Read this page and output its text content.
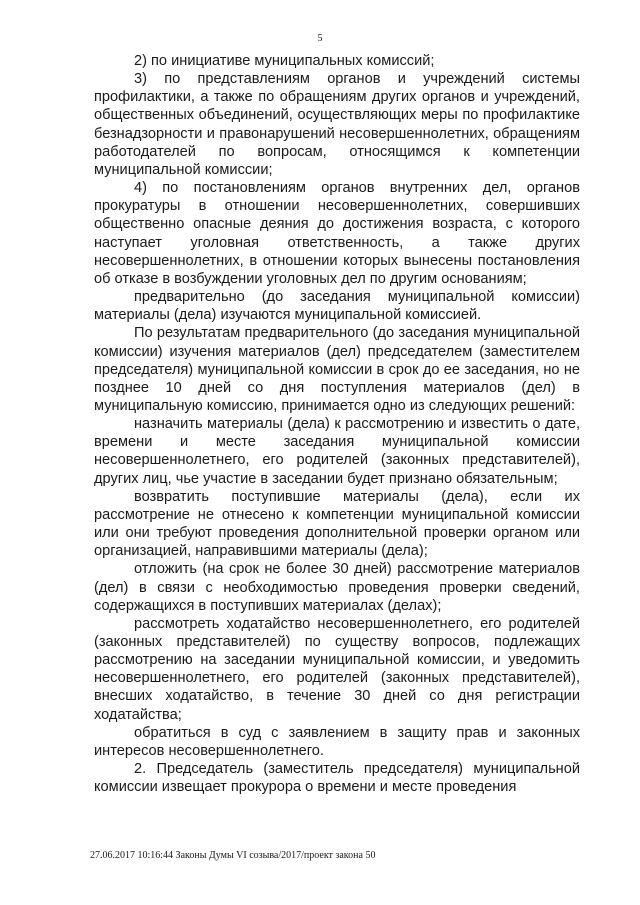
5

2) по инициативе муниципальных комиссий;

3) по представлениям органов и учреждений системы профилактики, а также по обращениям других органов и учреждений, общественных объединений, осуществляющих меры по профилактике безнадзорности и правонарушений несовершеннолетних, обращениям работодателей по вопросам, относящимся к компетенции муниципальной комиссии;

4) по постановлениям органов внутренних дел, органов прокуратуры в отношении несовершеннолетних, совершивших общественно опасные деяния до достижения возраста, с которого наступает уголовная ответственность, а также других несовершеннолетних, в отношении которых вынесены постановления об отказе в возбуждении уголовных дел по другим основаниям;

предварительно (до заседания муниципальной комиссии) материалы (дела) изучаются муниципальной комиссией.

По результатам предварительного (до заседания муниципальной комиссии) изучения материалов (дел) председателем (заместителем председателя) муниципальной комиссии в срок до ее заседания, но не позднее 10 дней со дня поступления материалов (дел) в муниципальную комиссию, принимается одно из следующих решений:

назначить материалы (дела) к рассмотрению и известить о дате, времени и месте заседания муниципальной комиссии несовершеннолетнего, его родителей (законных представителей), других лиц, чье участие в заседании будет признано обязательным;

возвратить поступившие материалы (дела), если их рассмотрение не отнесено к компетенции муниципальной комиссии или они требуют проведения дополнительной проверки органом или организацией, направившими материалы (дела);

отложить (на срок не более 30 дней) рассмотрение материалов (дел) в связи с необходимостью проведения проверки сведений, содержащихся в поступивших материалах (делах);

рассмотреть ходатайство несовершеннолетнего, его родителей (законных представителей) по существу вопросов, подлежащих рассмотрению на заседании муниципальной комиссии, и уведомить несовершеннолетнего, его родителей (законных представителей), внесших ходатайство, в течение 30 дней со дня регистрации ходатайства;

обратиться в суд с заявлением в защиту прав и законных интересов несовершеннолетнего.

2. Председатель (заместитель председателя) муниципальной комиссии извещает прокурора о времени и месте проведения

27.06.2017 10:16:44 Законы Думы VI созыва/2017/проект закона 50
